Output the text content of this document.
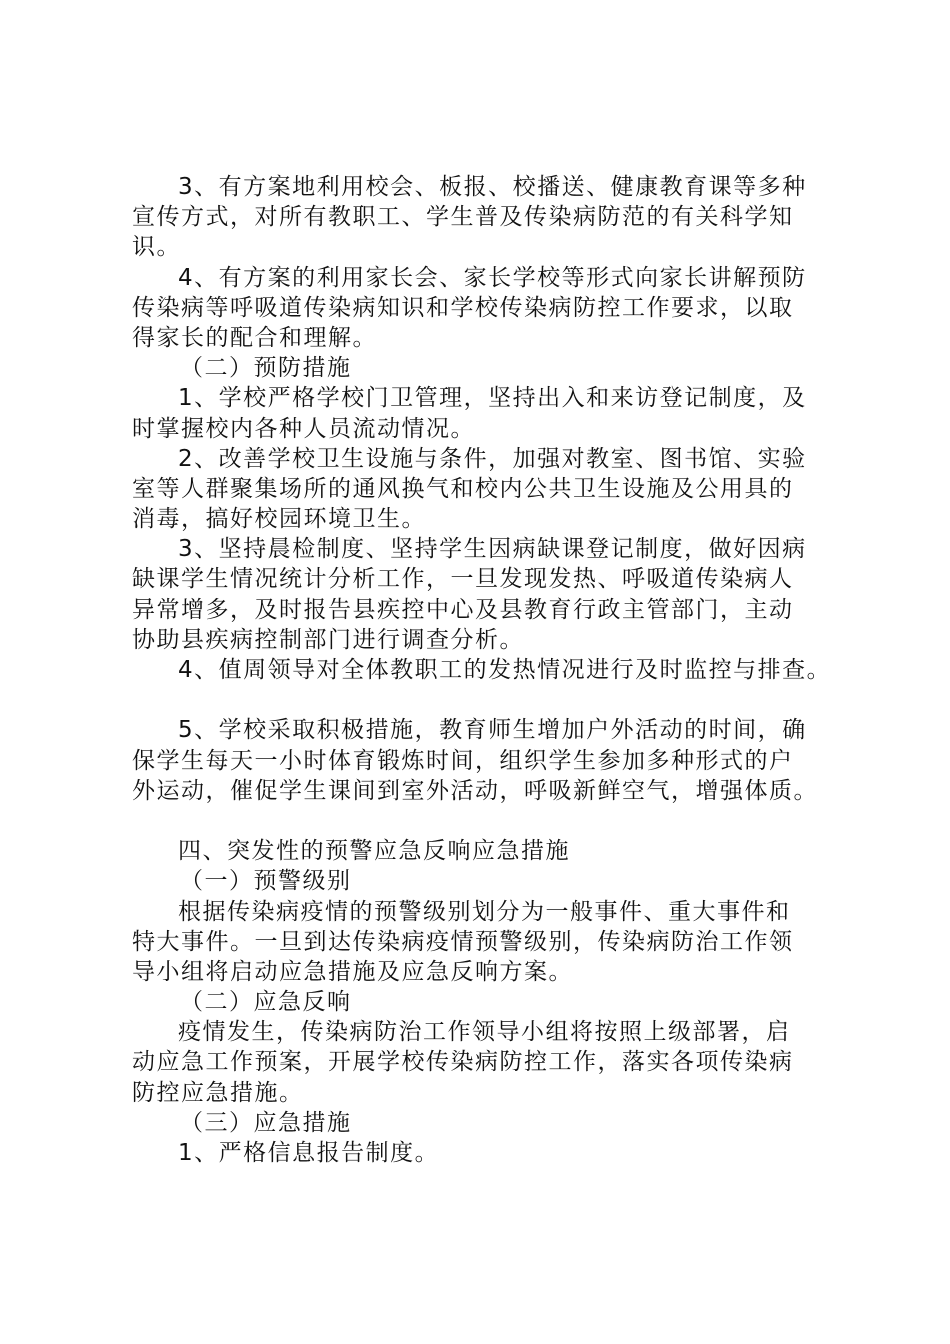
3、有方案地利用校会、板报、校播送、健康教育课等多种
宣传方式，对所有教职工、学生普及传染病防范的有关科学知
识。
4、有方案的利用家长会、家长学校等形式向家长讲解预防
传染病等呼吸道传染病知识和学校传染病防控工作要求，以取
得家长的配合和理解。
（二）预防措施
1、学校严格学校门卫管理，坚持出入和来访登记制度，及
时掌握校内各种人员流动情况。
2、改善学校卫生设施与条件，加强对教室、图书馆、实验
室等人群聚集场所的通风换气和校内公共卫生设施及公用具的
消毒，搞好校园环境卫生。
3、坚持晨检制度、坚持学生因病缺课登记制度，做好因病
缺课学生情况统计分析工作，一旦发现发热、呼吸道传染病人
异常增多，及时报告县疾控中心及县教育行政主管部门，主动
协助县疾病控制部门进行调查分析。
4、值周领导对全体教职工的发热情况进行及时监控与排查。
5、学校采取积极措施，教育师生增加户外活动的时间，确
保学生每天一小时体育锻炼时间，组织学生参加多种形式的户
外运动，催促学生课间到室外活动，呼吸新鲜空气，增强体质。
四、突发性的预警应急反响应急措施
（一）预警级别
根据传染病疫情的预警级别划分为一般事件、重大事件和
特大事件。一旦到达传染病疫情预警级别，传染病防治工作领
导小组将启动应急措施及应急反响方案。
（二）应急反响
疫情发生，传染病防治工作领导小组将按照上级部署，启
动应急工作预案，开展学校传染病防控工作，落实各项传染病
防控应急措施。
（三）应急措施
1、严格信息报告制度。
